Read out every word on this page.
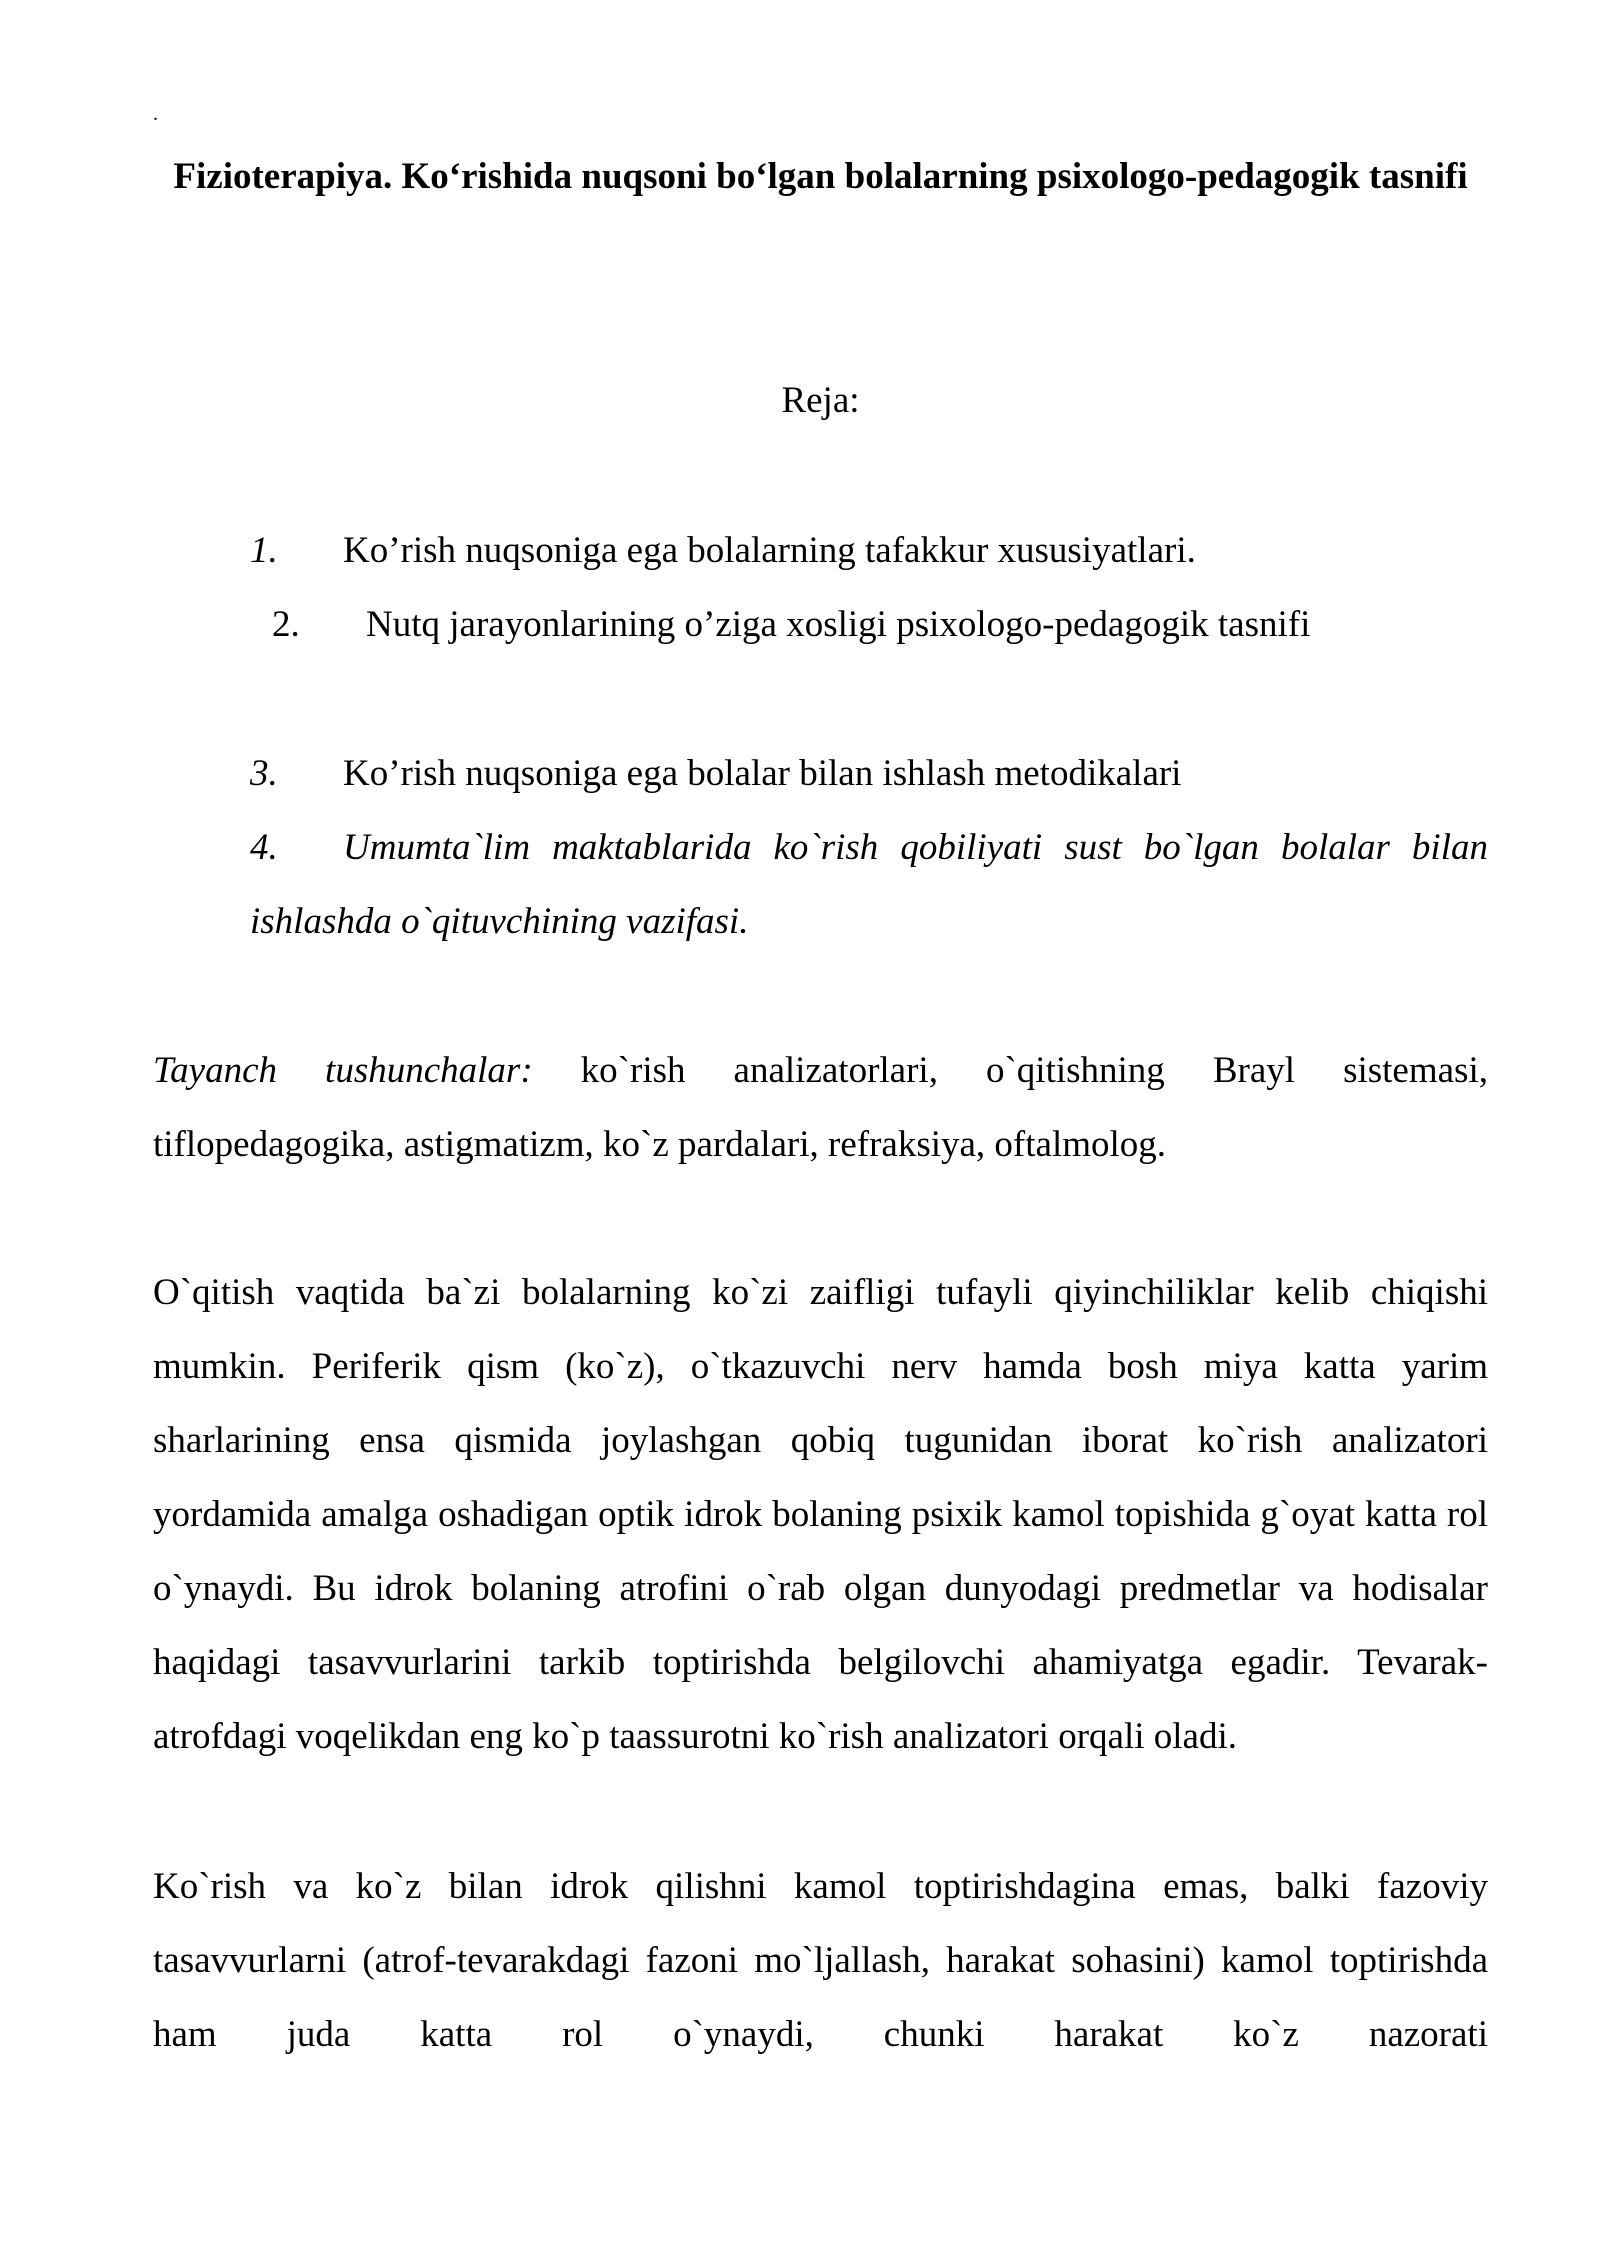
.
Fizioterapiya. Ko‘rishida nuqsoni bo‘lgan bolalarning psixologo-pedagogik tasnifi

Reja:

1. Ko’rish nuqsoniga ega bolalarning tafakkur xususiyatlari.
2. Nutq jarayonlarining o’ziga xosligi psixologo-pedagogik tasnifi
3. Ko’rish nuqsoniga ega bolalar bilan ishlash metodikalari

4. Umumta`lim maktablarida ko`rish qobiliyati sust bo`lgan bolalar bilan ishlashda o`qituvchining vazifasi.

Tayanch tushunchalar: ko`rish analizatorlari, o`qitishning Brayl sistemasi, tiflopedagogika, astigmatizm, ko`z pardalari, refraksiya, oftalmolog.

O`qitish vaqtida ba`zi bolalarning ko`zi zaifligi tufayli qiyinchiliklar kelib chiqishi mumkin. Periferik qism (ko`z), o`tkazuvchi nerv hamda bosh miya katta yarim sharlarining ensa qismida joylashgan qobiq tugunidan iborat ko`rish analizatori yordamida amalga oshadigan optik idrok bolaning psixik kamol topishida g`oyat katta rol o`ynaydi. Bu idrok bolaning atrofini o`rab olgan dunyodagi predmetlar va hodisalar haqidagi tasavvurlarini tarkib toptirishda belgilovchi ahamiyatga egadir. Tevarak-atrofdagi voqelikdan eng ko`p taassurotni ko`rish analizatori orqali oladi.

Ko`rish va ko`z bilan idrok qilishni kamol toptirishdagina emas, balki fazoviy tasavvurlarni (atrof-tevarakdagi fazoni mo`ljallash, harakat sohasini) kamol toptirishda ham juda katta rol o`ynaydi, chunki harakat ko`z nazorati
